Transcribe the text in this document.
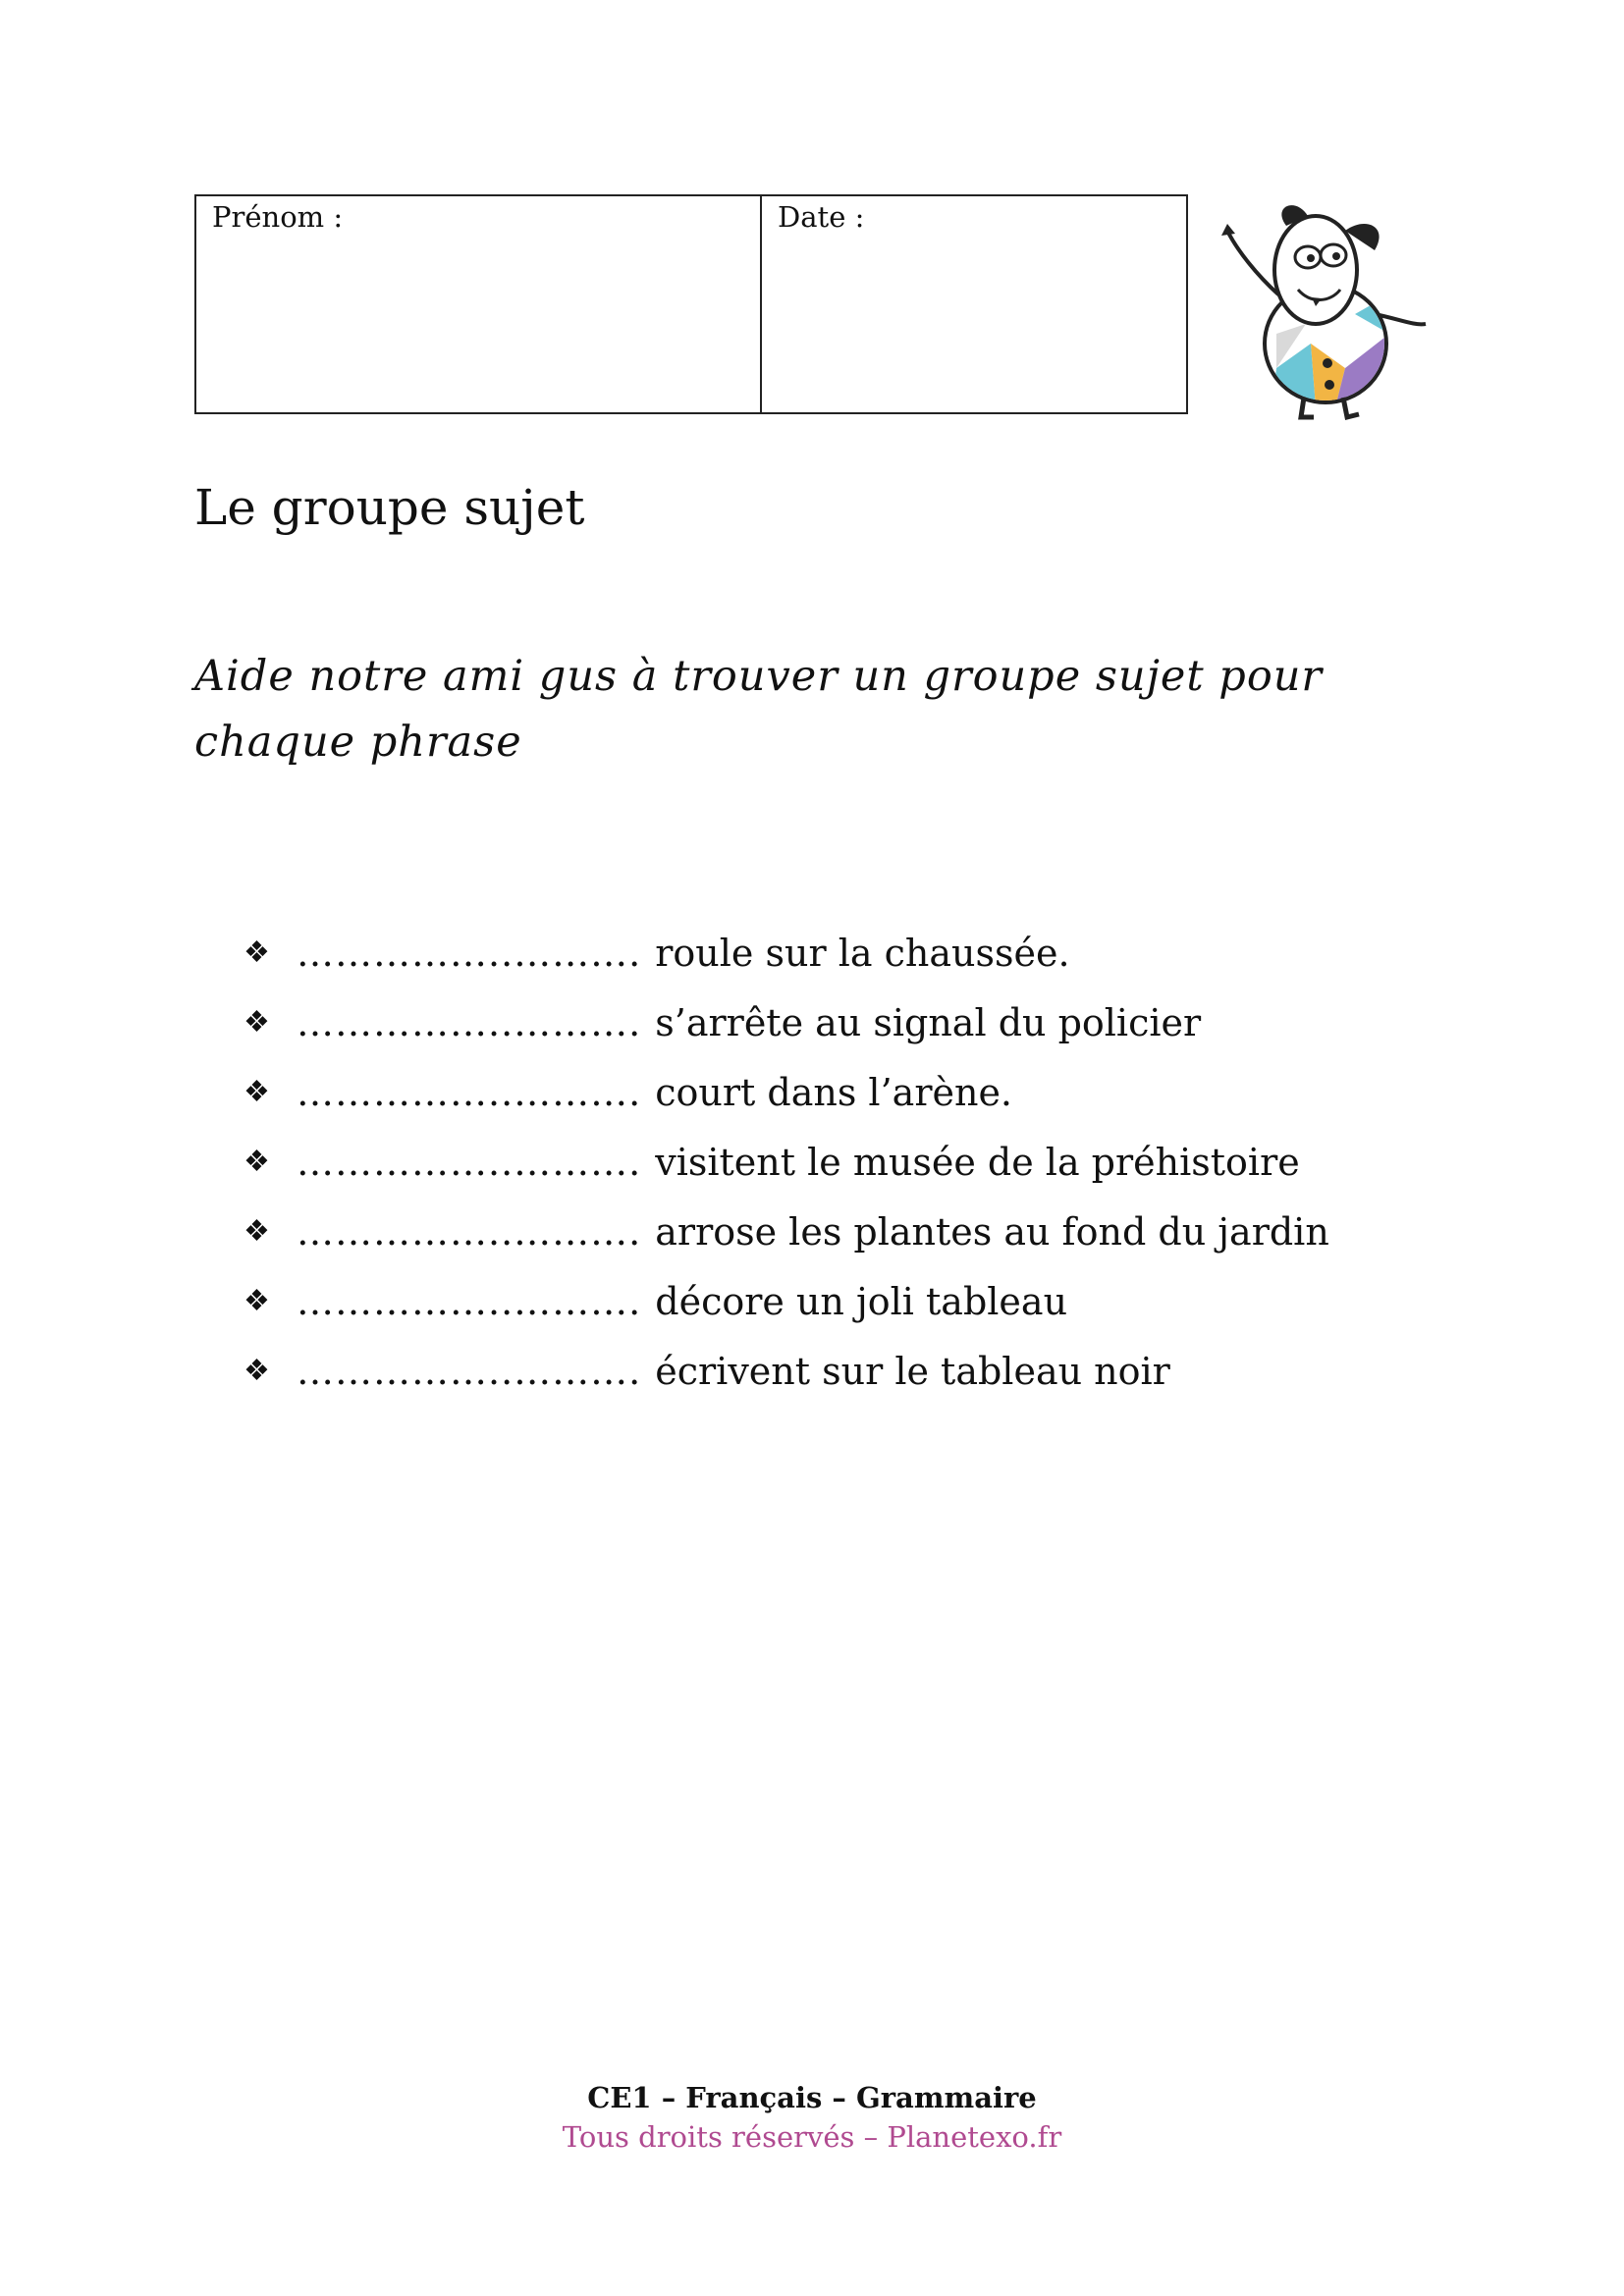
Prénom :	Date :
Le groupe sujet

Aide notre ami gus à trouver un groupe sujet pour chaque phrase

❖ ……………..………. roule sur la chaussée.
❖ ……………..………. s’arrête au signal du policier
❖ ……………..………. court dans l’arène.
❖ ……………..………. visitent le musée de la préhistoire
❖ ……………..………. arrose les plantes au fond du jardin
❖ ……………..………. décore un joli tableau
❖ ……………..………. écrivent sur le tableau noir
CE1 – Français – Grammaire
Tous droits réservés – Planetexo.fr
